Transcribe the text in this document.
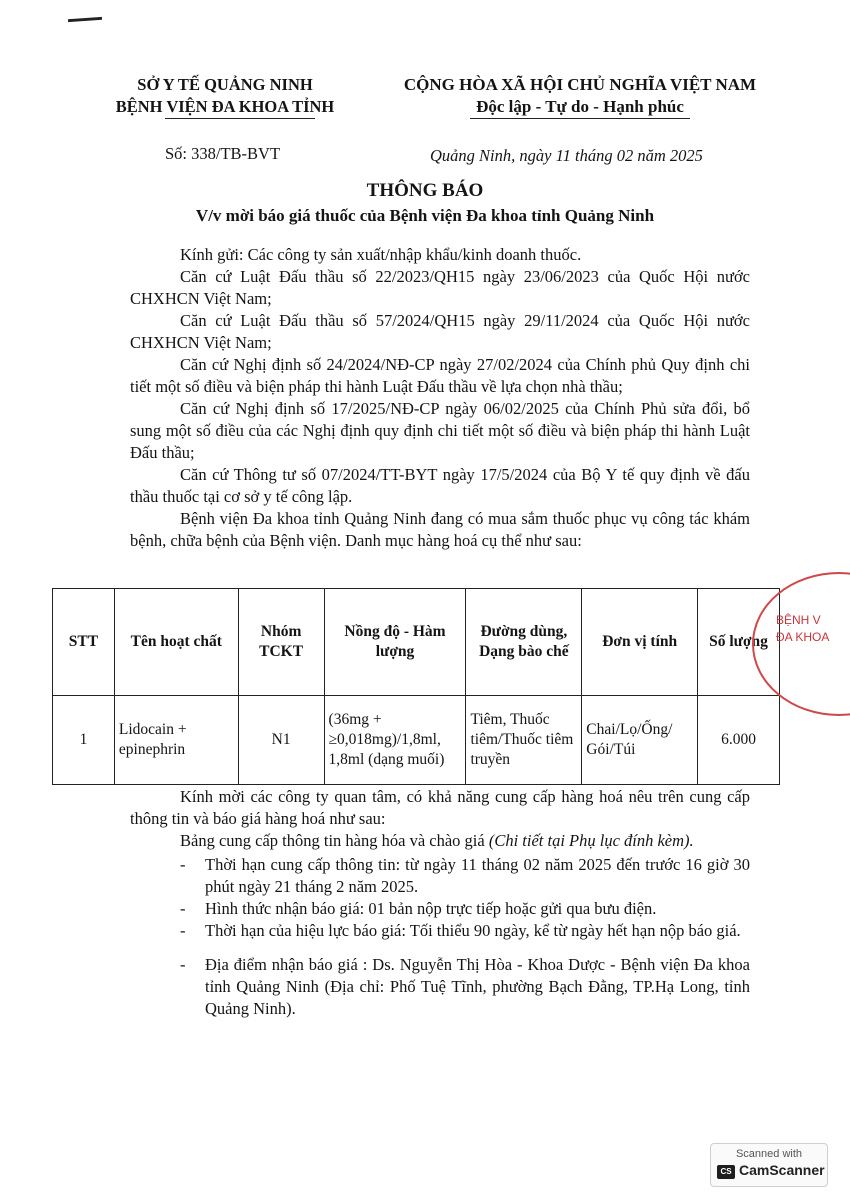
SỞ Y TẾ QUẢNG NINH
BỆNH VIỆN ĐA KHOA TỈNH
CỘNG HÒA XÃ HỘI CHỦ NGHĨA VIỆT NAM
Độc lập - Tự do - Hạnh phúc
Số: 338/TB-BVT	Quảng Ninh, ngày 11 tháng 02 năm 2025
THÔNG BÁO
V/v mời báo giá thuốc của Bệnh viện Đa khoa tỉnh Quảng Ninh

Kính gửi: Các công ty sản xuất/nhập khẩu/kinh doanh thuốc.

Căn cứ Luật Đấu thầu số 22/2023/QH15 ngày 23/06/2023 của Quốc Hội nước CHXHCN Việt Nam;

Căn cứ Luật Đấu thầu số 57/2024/QH15 ngày 29/11/2024 của Quốc Hội nước CHXHCN Việt Nam;

Căn cứ Nghị định số 24/2024/NĐ-CP ngày 27/02/2024 của Chính phủ Quy định chi tiết một số điều và biện pháp thi hành Luật Đấu thầu về lựa chọn nhà thầu;

Căn cứ Nghị định số 17/2025/NĐ-CP ngày 06/02/2025 của Chính Phủ sửa đổi, bổ sung một số điều của các Nghị định quy định chi tiết một số điều và biện pháp thi hành Luật Đấu thầu;

Căn cứ Thông tư số 07/2024/TT-BYT ngày 17/5/2024 của Bộ Y tế quy định về đấu thầu thuốc tại cơ sở y tế công lập.

Bệnh viện Đa khoa tỉnh Quảng Ninh đang có mua sắm thuốc phục vụ công tác khám bệnh, chữa bệnh của Bệnh viện. Danh mục hàng hoá cụ thể như sau:

STT	Tên hoạt chất	Nhóm TCKT	Nồng độ - Hàm lượng	Đường dùng, Dạng bào chế	Đơn vị tính	Số lượng
1	Lidocain + epinephrin	N1	(36mg + ≥0,018mg)/1,8ml, 1,8ml (dạng muối)	Tiêm, Thuốc tiêm/Thuốc tiêm truyền	Chai/Lọ/Ống/ Gói/Túi	6.000
BỆNH V
ĐA KHOA

Kính mời các công ty quan tâm, có khả năng cung cấp hàng hoá nêu trên cung cấp thông tin và báo giá hàng hoá như sau:

Bảng cung cấp thông tin hàng hóa và chào giá (Chi tiết tại Phụ lục đính kèm).

- Thời hạn cung cấp thông tin: từ ngày 11 tháng 02 năm 2025 đến trước 16 giờ 30 phút ngày 21 tháng 2 năm 2025.
- Hình thức nhận báo giá: 01 bản nộp trực tiếp hoặc gửi qua bưu điện.
- Thời hạn của hiệu lực báo giá: Tối thiểu 90 ngày, kể từ ngày hết hạn nộp báo giá.
- Địa điểm nhận báo giá : Ds. Nguyễn Thị Hòa - Khoa Dược - Bệnh viện Đa khoa tỉnh Quảng Ninh (Địa chỉ: Phố Tuệ Tĩnh, phường Bạch Đằng, TP.Hạ Long, tỉnh Quảng Ninh).
Scanned with
CS CamScanner
